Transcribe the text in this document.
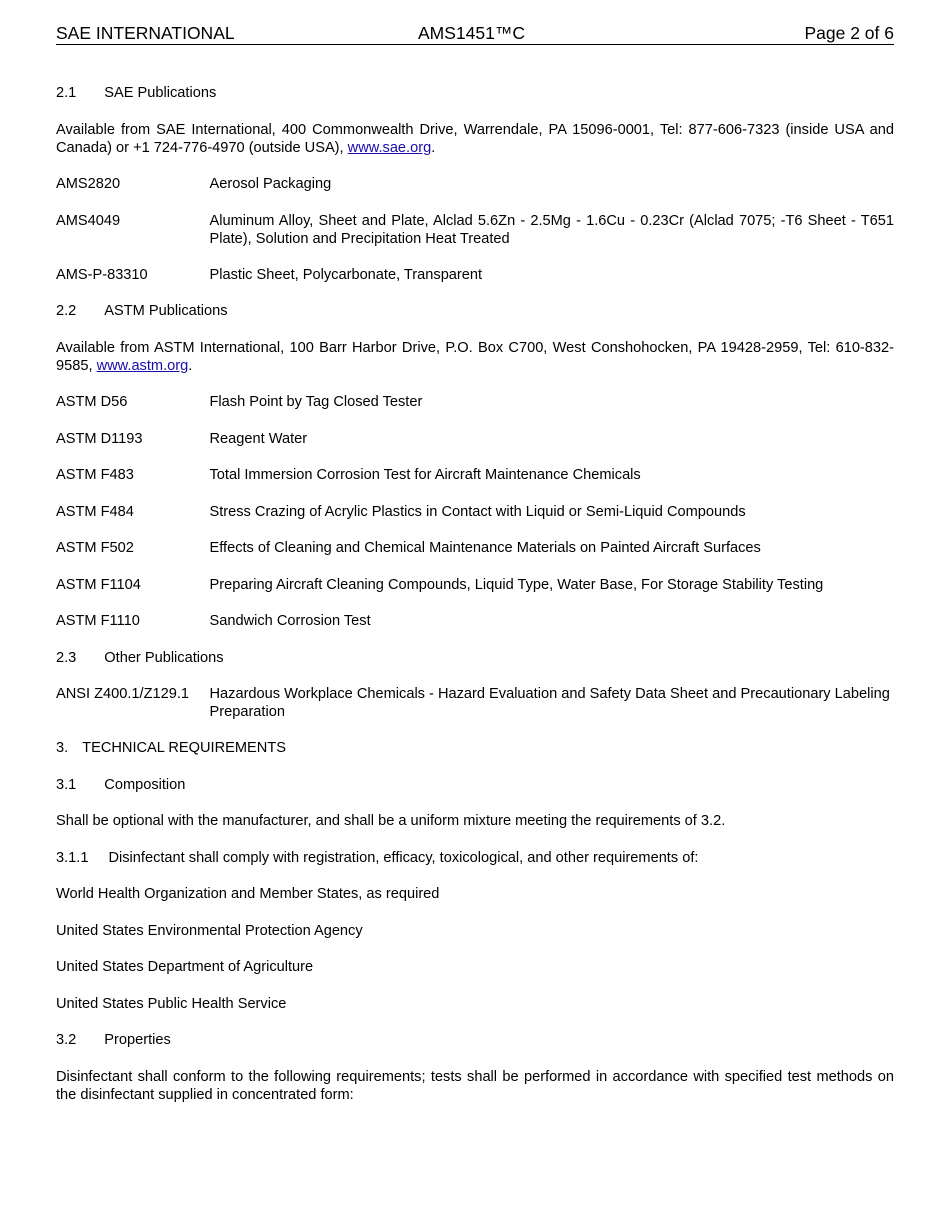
SAE INTERNATIONAL	AMS1451™C	Page 2 of 6
2.1 SAE Publications
Available from SAE International, 400 Commonwealth Drive, Warrendale, PA 15096-0001, Tel: 877-606-7323 (inside USA and Canada) or +1 724-776-4970 (outside USA), www.sae.org.
AMS2820	Aerosol Packaging
AMS4049	Aluminum Alloy, Sheet and Plate, Alclad 5.6Zn - 2.5Mg - 1.6Cu - 0.23Cr (Alclad 7075; -T6 Sheet - T651 Plate), Solution and Precipitation Heat Treated
AMS-P-83310	Plastic Sheet, Polycarbonate, Transparent
2.2 ASTM Publications
Available from ASTM International, 100 Barr Harbor Drive, P.O. Box C700, West Conshohocken, PA 19428-2959, Tel: 610-832-9585, www.astm.org.
ASTM D56	Flash Point by Tag Closed Tester
ASTM D1193	Reagent Water
ASTM F483	Total Immersion Corrosion Test for Aircraft Maintenance Chemicals
ASTM F484	Stress Crazing of Acrylic Plastics in Contact with Liquid or Semi-Liquid Compounds
ASTM F502	Effects of Cleaning and Chemical Maintenance Materials on Painted Aircraft Surfaces
ASTM F1104	Preparing Aircraft Cleaning Compounds, Liquid Type, Water Base, For Storage Stability Testing
ASTM F1110	Sandwich Corrosion Test
2.3 Other Publications
ANSI Z400.1/Z129.1 Hazardous Workplace Chemicals - Hazard Evaluation and Safety Data Sheet and Precautionary Labeling Preparation
3. TECHNICAL REQUIREMENTS
3.1 Composition
Shall be optional with the manufacturer, and shall be a uniform mixture meeting the requirements of 3.2.
3.1.1 Disinfectant shall comply with registration, efficacy, toxicological, and other requirements of:
World Health Organization and Member States, as required
United States Environmental Protection Agency
United States Department of Agriculture
United States Public Health Service
3.2 Properties
Disinfectant shall conform to the following requirements; tests shall be performed in accordance with specified test methods on the disinfectant supplied in concentrated form:
